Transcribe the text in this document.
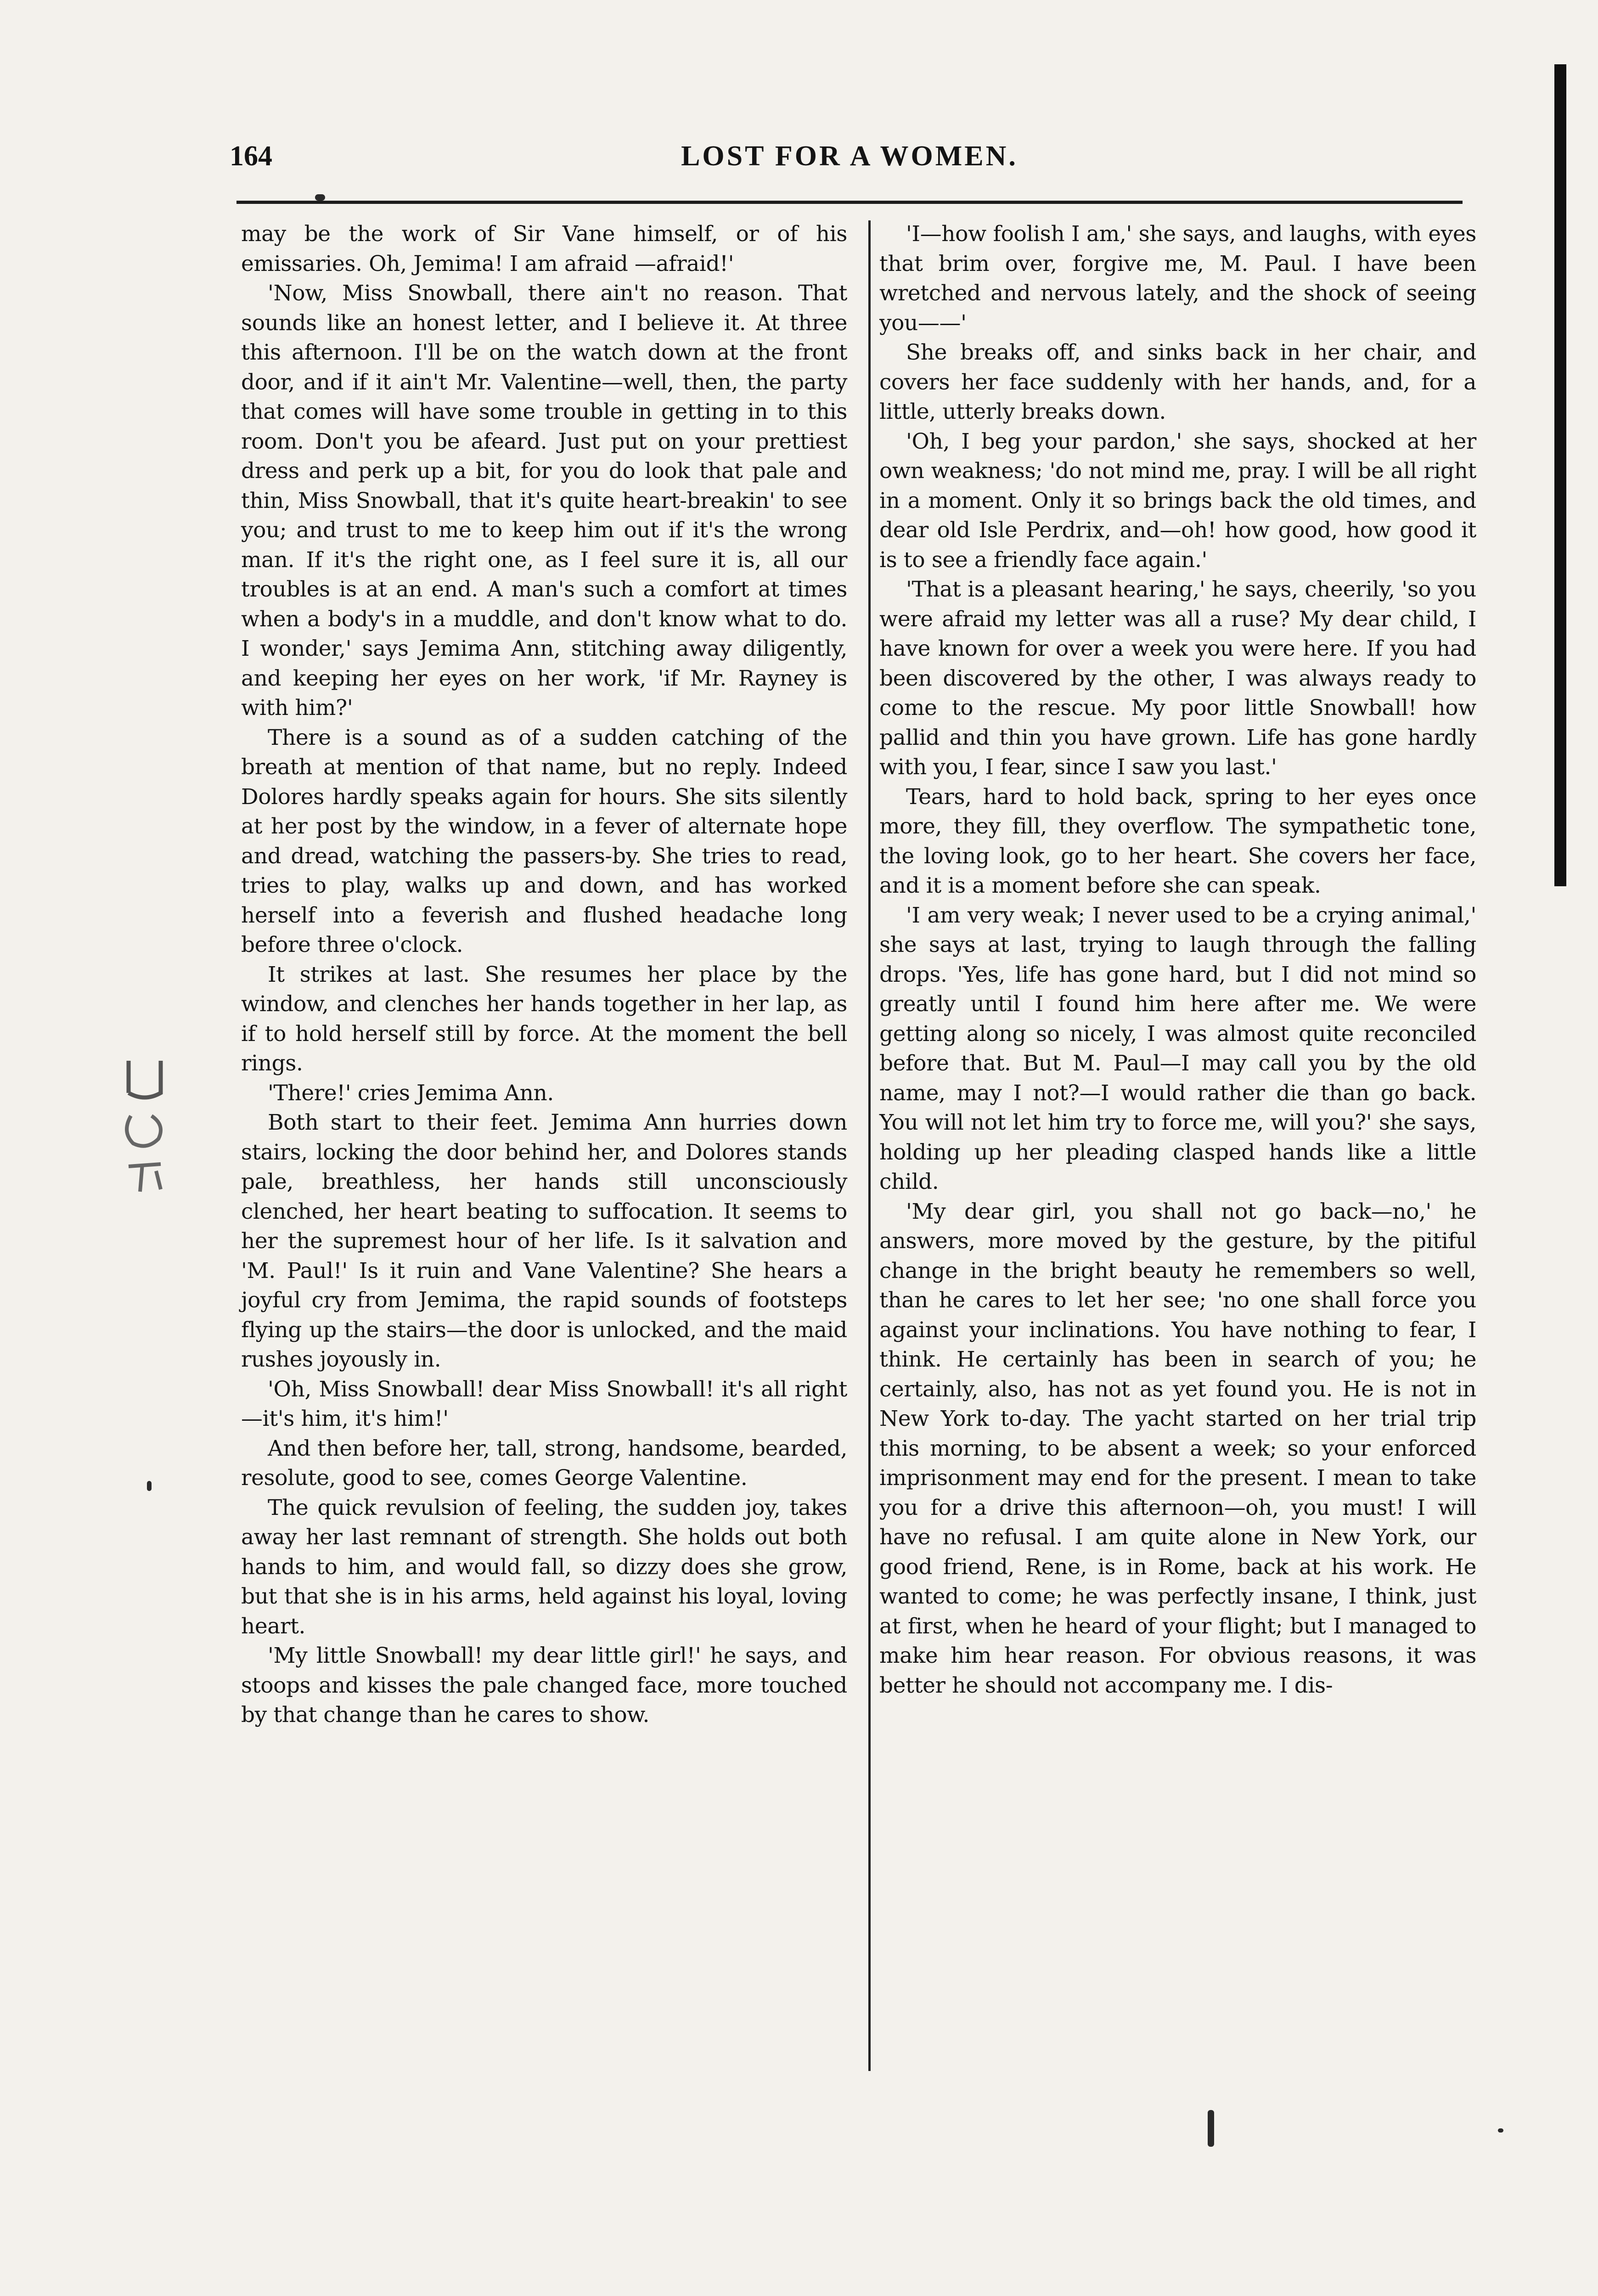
164	LOST FOR A WOMEN.

may be the work of Sir Vane himself, or of his emissaries. Oh, Jemima! I am afraid —afraid!'

'Now, Miss Snowball, there ain't no reason. That sounds like an honest letter, and I believe it. At three this afternoon. I'll be on the watch down at the front door, and if it ain't Mr. Valentine—well, then, the party that comes will have some trouble in getting in to this room. Don't you be afeard. Just put on your prettiest dress and perk up a bit, for you do look that pale and thin, Miss Snowball, that it's quite heart-breakin' to see you; and trust to me to keep him out if it's the wrong man. If it's the right one, as I feel sure it is, all our troubles is at an end. A man's such a comfort at times when a body's in a muddle, and don't know what to do. I wonder,' says Jemima Ann, stitching away diligently, and keeping her eyes on her work, 'if Mr. Rayney is with him?'

There is a sound as of a sudden catching of the breath at mention of that name, but no reply. Indeed Dolores hardly speaks again for hours. She sits silently at her post by the window, in a fever of alternate hope and dread, watching the passers-by. She tries to read, tries to play, walks up and down, and has worked herself into a feverish and flushed headache long before three o'clock.

It strikes at last. She resumes her place by the window, and clenches her hands together in her lap, as if to hold herself still by force. At the moment the bell rings.

'There!' cries Jemima Ann.

Both start to their feet. Jemima Ann hurries down stairs, locking the door behind her, and Dolores stands pale, breathless, her hands still unconsciously clenched, her heart beating to suffocation. It seems to her the supremest hour of her life. Is it salvation and 'M. Paul!' Is it ruin and Vane Valentine? She hears a joyful cry from Jemima, the rapid sounds of footsteps flying up the stairs—the door is unlocked, and the maid rushes joyously in.

'Oh, Miss Snowball! dear Miss Snowball! it's all right—it's him, it's him!'

And then before her, tall, strong, handsome, bearded, resolute, good to see, comes George Valentine.

The quick revulsion of feeling, the sudden joy, takes away her last remnant of strength. She holds out both hands to him, and would fall, so dizzy does she grow, but that she is in his arms, held against his loyal, loving heart.

'My little Snowball! my dear little girl!' he says, and stoops and kisses the pale changed face, more touched by that change than he cares to show.

'I—how foolish I am,' she says, and laughs, with eyes that brim over, forgive me, M. Paul. I have been wretched and nervous lately, and the shock of seeing you——'

She breaks off, and sinks back in her chair, and covers her face suddenly with her hands, and, for a little, utterly breaks down.

'Oh, I beg your pardon,' she says, shocked at her own weakness; 'do not mind me, pray. I will be all right in a moment. Only it so brings back the old times, and dear old Isle Perdrix, and—oh! how good, how good it is to see a friendly face again.'

'That is a pleasant hearing,' he says, cheerily, 'so you were afraid my letter was all a ruse? My dear child, I have known for over a week you were here. If you had been discovered by the other, I was always ready to come to the rescue. My poor little Snowball! how pallid and thin you have grown. Life has gone hardly with you, I fear, since I saw you last.'

Tears, hard to hold back, spring to her eyes once more, they fill, they overflow. The sympathetic tone, the loving look, go to her heart. She covers her face, and it is a moment before she can speak.

'I am very weak; I never used to be a crying animal,' she says at last, trying to laugh through the falling drops. 'Yes, life has gone hard, but I did not mind so greatly until I found him here after me. We were getting along so nicely, I was almost quite reconciled before that. But M. Paul—I may call you by the old name, may I not?—I would rather die than go back. You will not let him try to force me, will you?' she says, holding up her pleading clasped hands like a little child.

'My dear girl, you shall not go back—no,' he answers, more moved by the gesture, by the pitiful change in the bright beauty he remembers so well, than he cares to let her see; 'no one shall force you against your inclinations. You have nothing to fear, I think. He certainly has been in search of you; he certainly, also, has not as yet found you. He is not in New York to-day. The yacht started on her trial trip this morning, to be absent a week; so your enforced imprisonment may end for the present. I mean to take you for a drive this afternoon—oh, you must! I will have no refusal. I am quite alone in New York, our good friend, Rene, is in Rome, back at his work. He wanted to come; he was perfectly insane, I think, just at first, when he heard of your flight; but I managed to make him hear reason. For obvious reasons, it was better he should not accompany me. I dis-
